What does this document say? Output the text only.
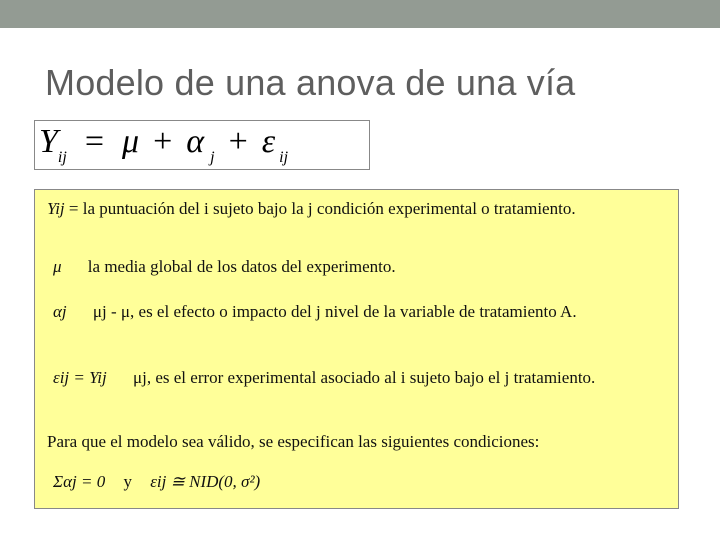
Modelo de una anova de una vía
Yij = μ + α j + ε ij
Yij = la puntuación del i sujeto bajo la j condición experimental o tratamiento.
μ la media global de los datos del experimento.
αj μj - μ, es el efecto o impacto del j nivel de la variable de tratamiento A.
εij = Yij μj, es el error experimental asociado al i sujeto bajo el j tratamiento.
Para que el modelo sea válido, se especifican las siguientes condiciones:
Σαj = 0 y εij ≅ NID(0, σ²)
